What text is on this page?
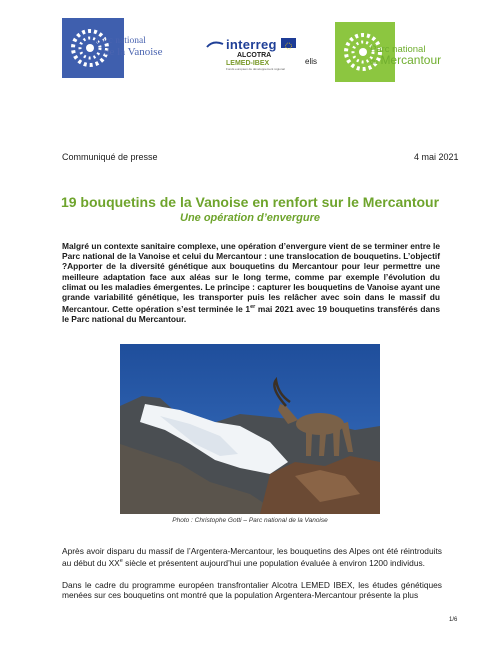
Parc national
de la Vanoise	interreg
ALCOTRA
LEMED-IBEX
Fonds européen de développement régional
elis
Parc national
du Mercantour
Communiqué de presse	4 mai 2021
19 bouquetins de la Vanoise en renfort sur le Mercantour
Une opération d’envergure
Malgré un contexte sanitaire complexe, une opération d’envergure vient de se terminer entre le Parc national de la Vanoise et celui du Mercantour : une translocation de bouquetins. L’objectif ?Apporter de la diversité génétique aux bouquetins du Mercantour pour leur permettre une meilleure adaptation face aux aléas sur le long terme, comme par exemple l’évolution du climat ou les maladies émergentes. Le principe : capturer les bouquetins de Vanoise ayant une grande variabilité génétique, les transporter puis les relâcher avec soin dans le massif du Mercantour. Cette opération s’est terminée le 1er mai 2021 avec 19 bouquetins transférés dans le Parc national du Mercantour.
Photo : Christophe Gotti – Parc national de la Vanoise
Après avoir disparu du massif de l’Argentera-Mercantour, les bouquetins des Alpes ont été réintroduits au début du XXe siècle et présentent aujourd’hui une population évaluée à environ 1200 individus.
Dans le cadre du programme européen transfrontalier Alcotra LEMED IBEX, les études génétiques menées sur ces bouquetins ont montré que la population Argentera-Mercantour présente la plus
1/6
